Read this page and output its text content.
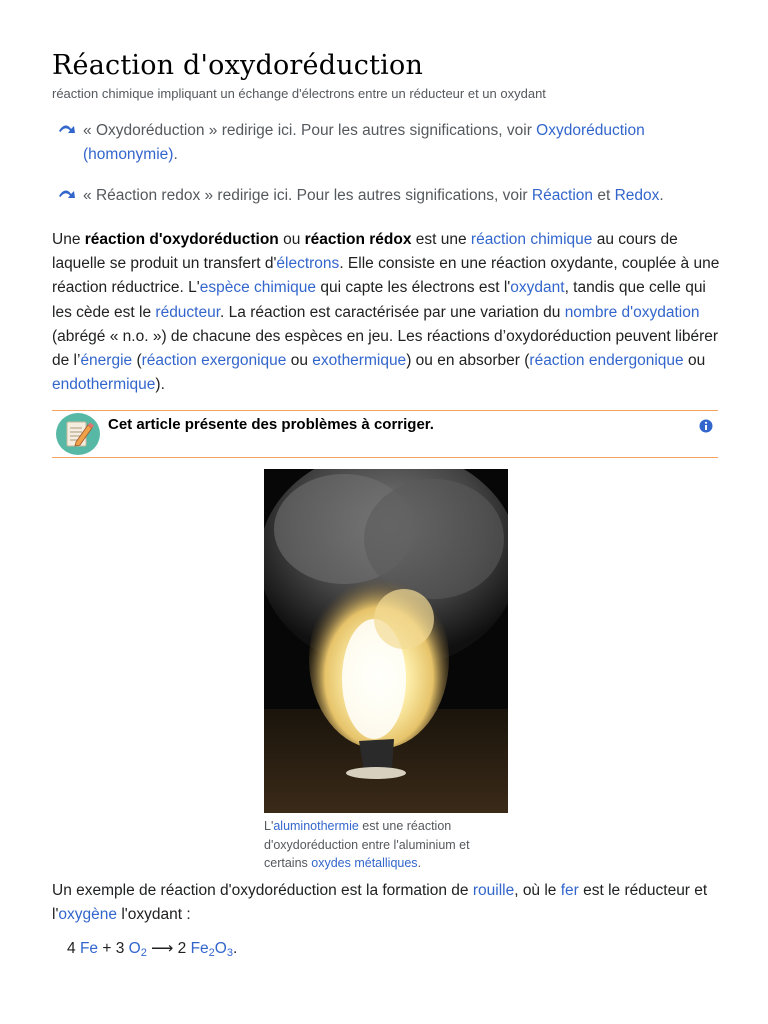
Réaction d'oxydoréduction
réaction chimique impliquant un échange d'électrons entre un réducteur et un oxydant
« Oxydoréduction » redirige ici. Pour les autres significations, voir Oxydoréduction (homonymie).
« Réaction redox » redirige ici. Pour les autres significations, voir Réaction et Redox.

Une réaction d'oxydoréduction ou réaction rédox est une réaction chimique au cours de laquelle se produit un transfert d'électrons. Elle consiste en une réaction oxydante, couplée à une réaction réductrice. L'espèce chimique qui capte les électrons est l'oxydant, tandis que celle qui les cède est le réducteur. La réaction est caractérisée par une variation du nombre d'oxydation (abrégé « n.o. ») de chacune des espèces en jeu. Les réactions d’oxydoréduction peuvent libérer de l’énergie (réaction exergonique ou exothermique) ou en absorber (réaction endergonique ou endothermique).

Cet article présente des problèmes à corriger.
L'aluminothermie est une réaction d'oxydoréduction entre l'aluminium et certains oxydes métalliques.

Un exemple de réaction d'oxydoréduction est la formation de rouille, où le fer est le réducteur et l'oxygène l'oxydant :

4 Fe + 3 $O_2$ ⟶ 2 $Fe_2O_3$.
